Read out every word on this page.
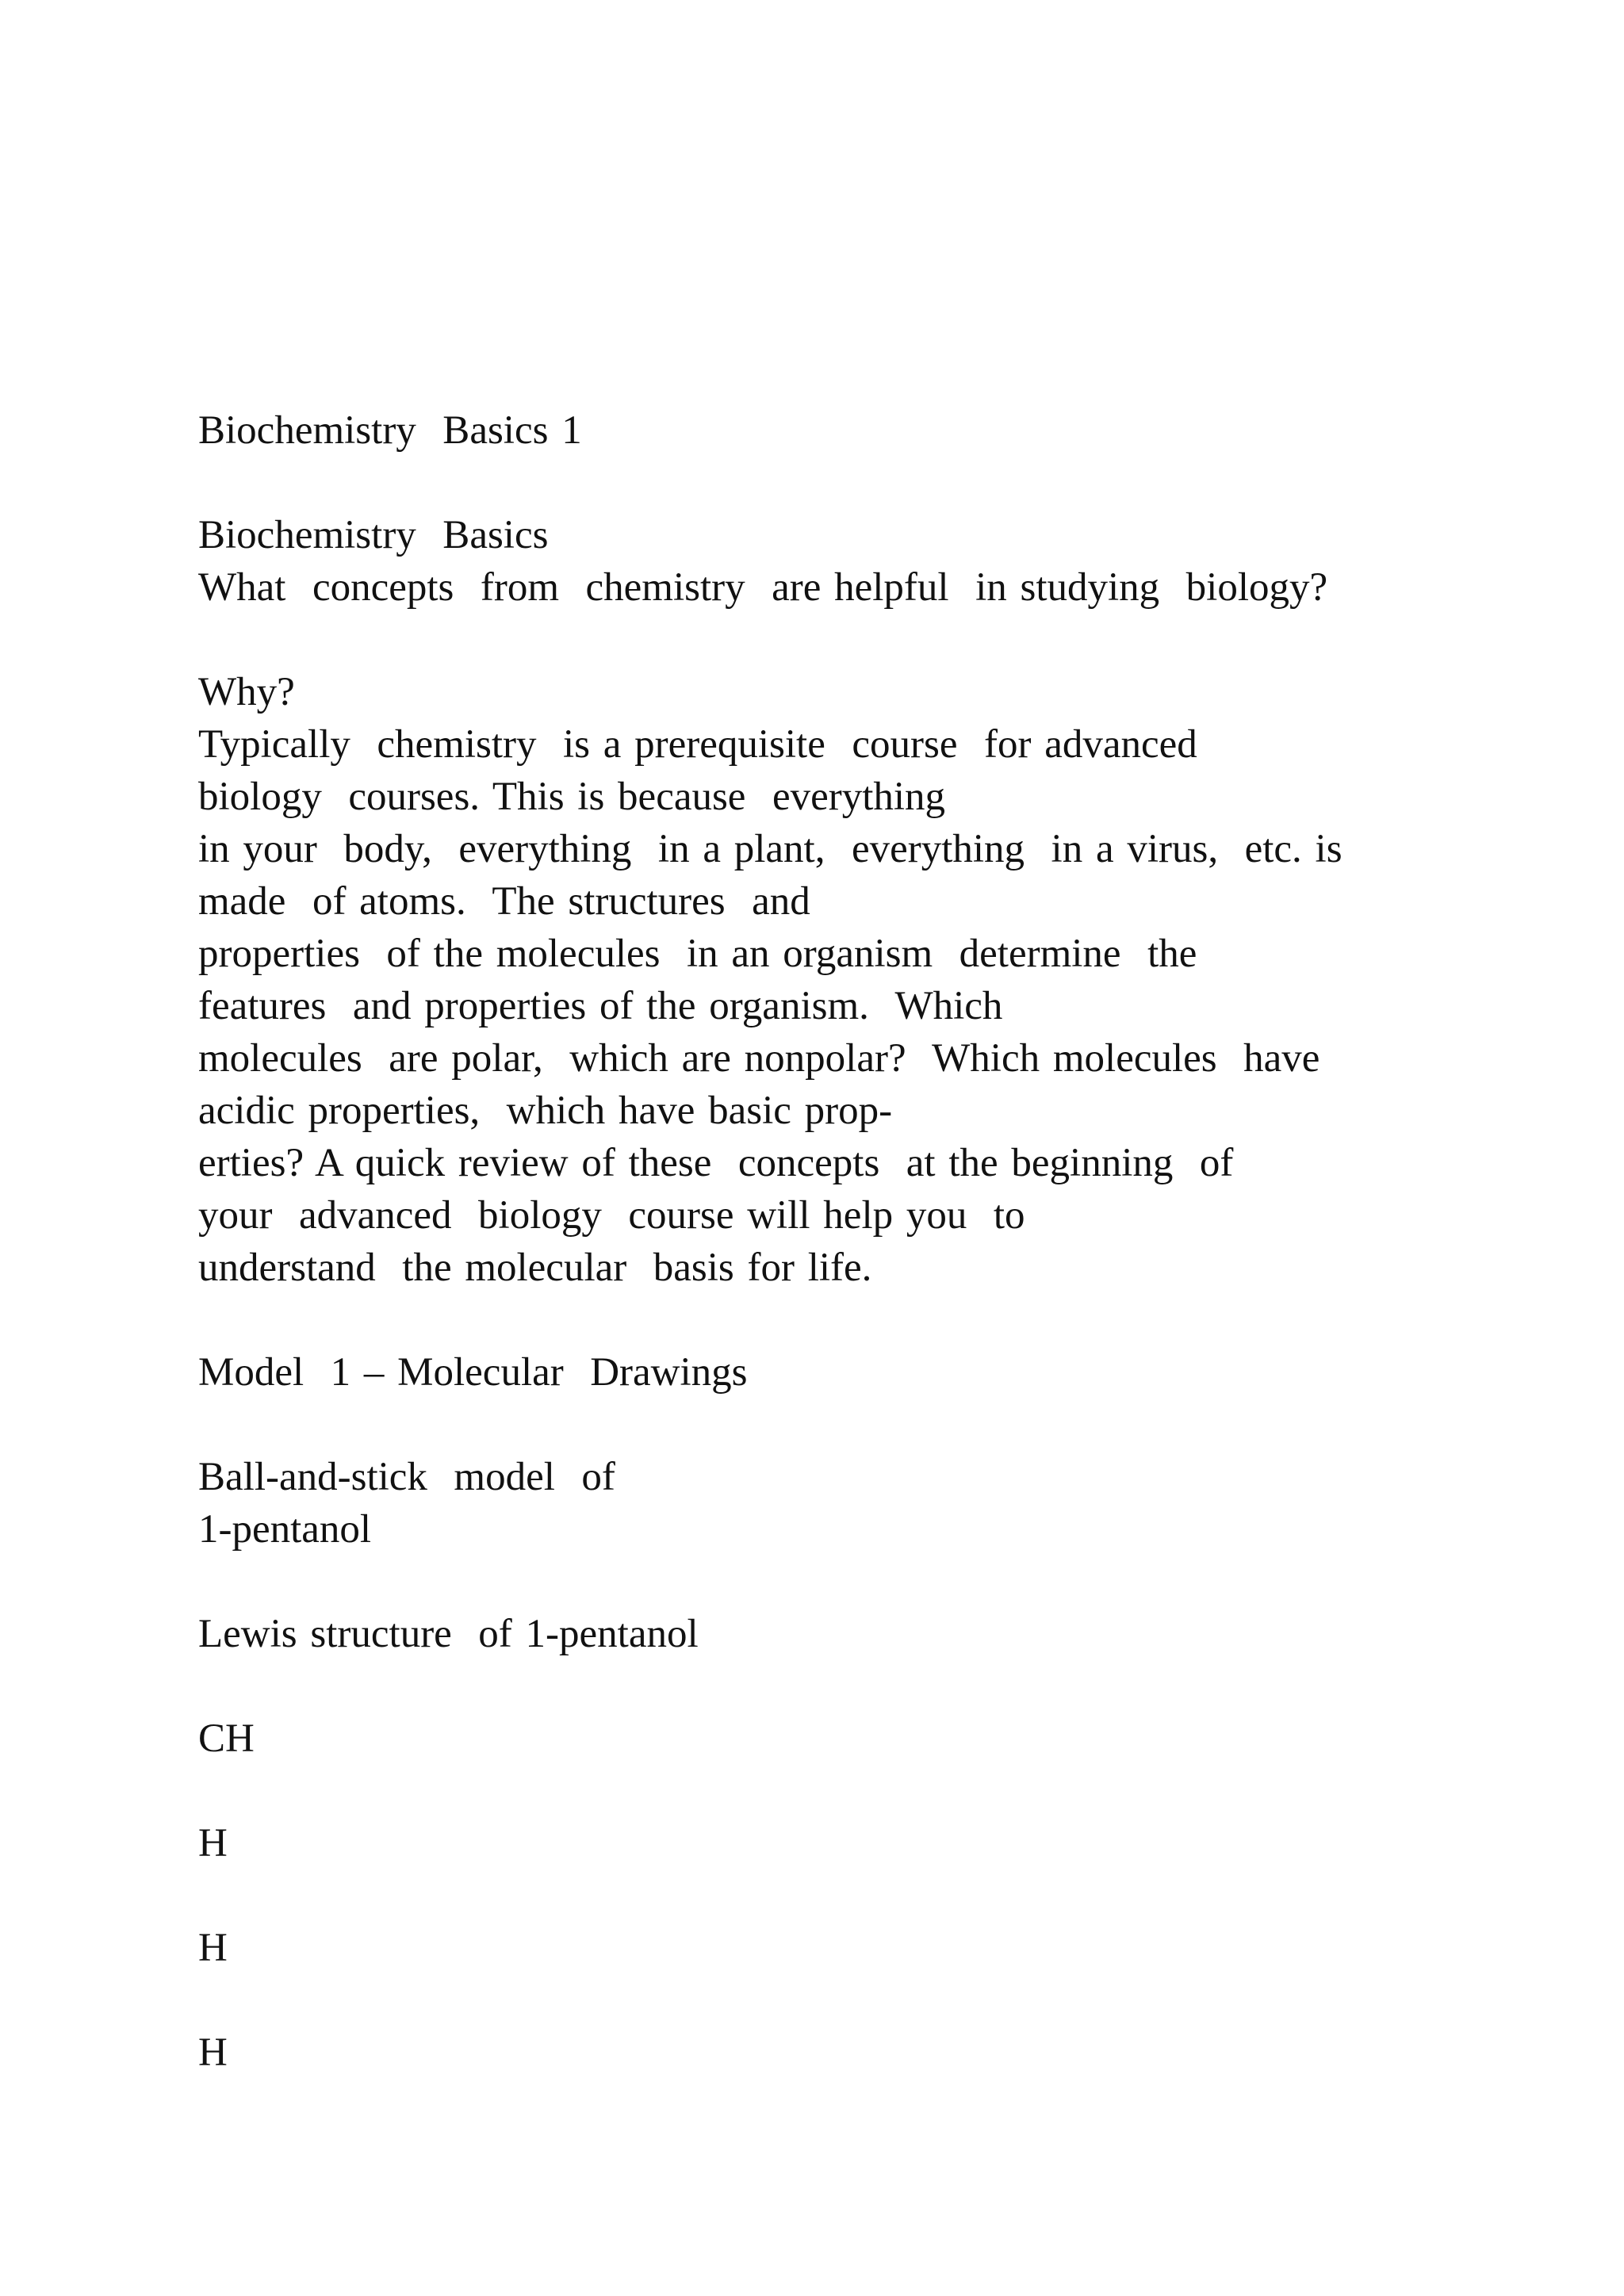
Biochemistry  Basics 1
Biochemistry  Basics
What  concepts  from  chemistry  are helpful  in studying  biology?
Why?
Typically  chemistry  is a prerequisite  course  for advanced
biology  courses. This is because  everything
in your  body,  everything  in a plant,  everything  in a virus,  etc. is
made  of atoms.  The structures  and
properties  of the molecules  in an organism  determine  the
features  and properties of the organism.  Which
molecules  are polar,  which are nonpolar?  Which molecules  have
acidic properties,  which have basic prop-
erties? A quick review of these  concepts  at the beginning  of
your  advanced  biology  course will help you  to
understand  the molecular  basis for life.
Model  1 – Molecular  Drawings
Ball-and-stick  model  of
1-pentanol
Lewis structure  of 1-pentanol
CH
H
H
H
